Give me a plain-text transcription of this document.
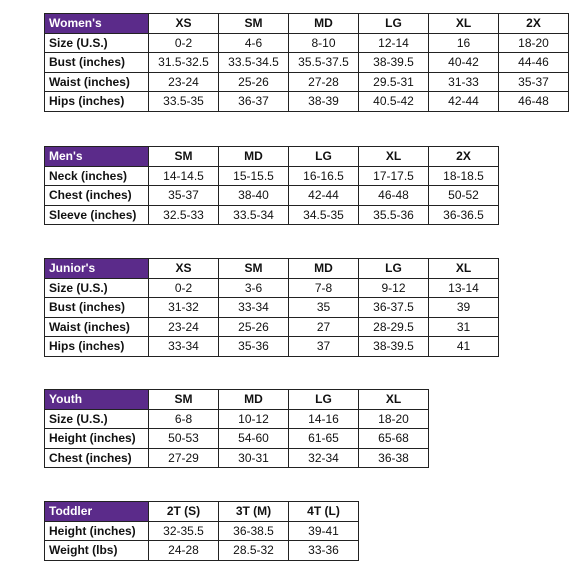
Women's	XS	SM	MD	LG	XL	2X
Size (U.S.)	0-2	4-6	8-10	12-14	16	18-20
Bust (inches)	31.5-32.5	33.5-34.5	35.5-37.5	38-39.5	40-42	44-46
Waist (inches)	23-24	25-26	27-28	29.5-31	31-33	35-37
Hips (inches)	33.5-35	36-37	38-39	40.5-42	42-44	46-48
Men's	SM	MD	LG	XL	2X
Neck (inches)	14-14.5	15-15.5	16-16.5	17-17.5	18-18.5
Chest (inches)	35-37	38-40	42-44	46-48	50-52
Sleeve (inches)	32.5-33	33.5-34	34.5-35	35.5-36	36-36.5
Junior's	XS	SM	MD	LG	XL
Size (U.S.)	0-2	3-6	7-8	9-12	13-14
Bust (inches)	31-32	33-34	35	36-37.5	39
Waist (inches)	23-24	25-26	27	28-29.5	31
Hips (inches)	33-34	35-36	37	38-39.5	41
Youth	SM	MD	LG	XL
Size (U.S.)	6-8	10-12	14-16	18-20
Height (inches)	50-53	54-60	61-65	65-68
Chest (inches)	27-29	30-31	32-34	36-38
Toddler	2T (S)	3T (M)	4T (L)
Height (inches)	32-35.5	36-38.5	39-41
Weight (lbs)	24-28	28.5-32	33-36
